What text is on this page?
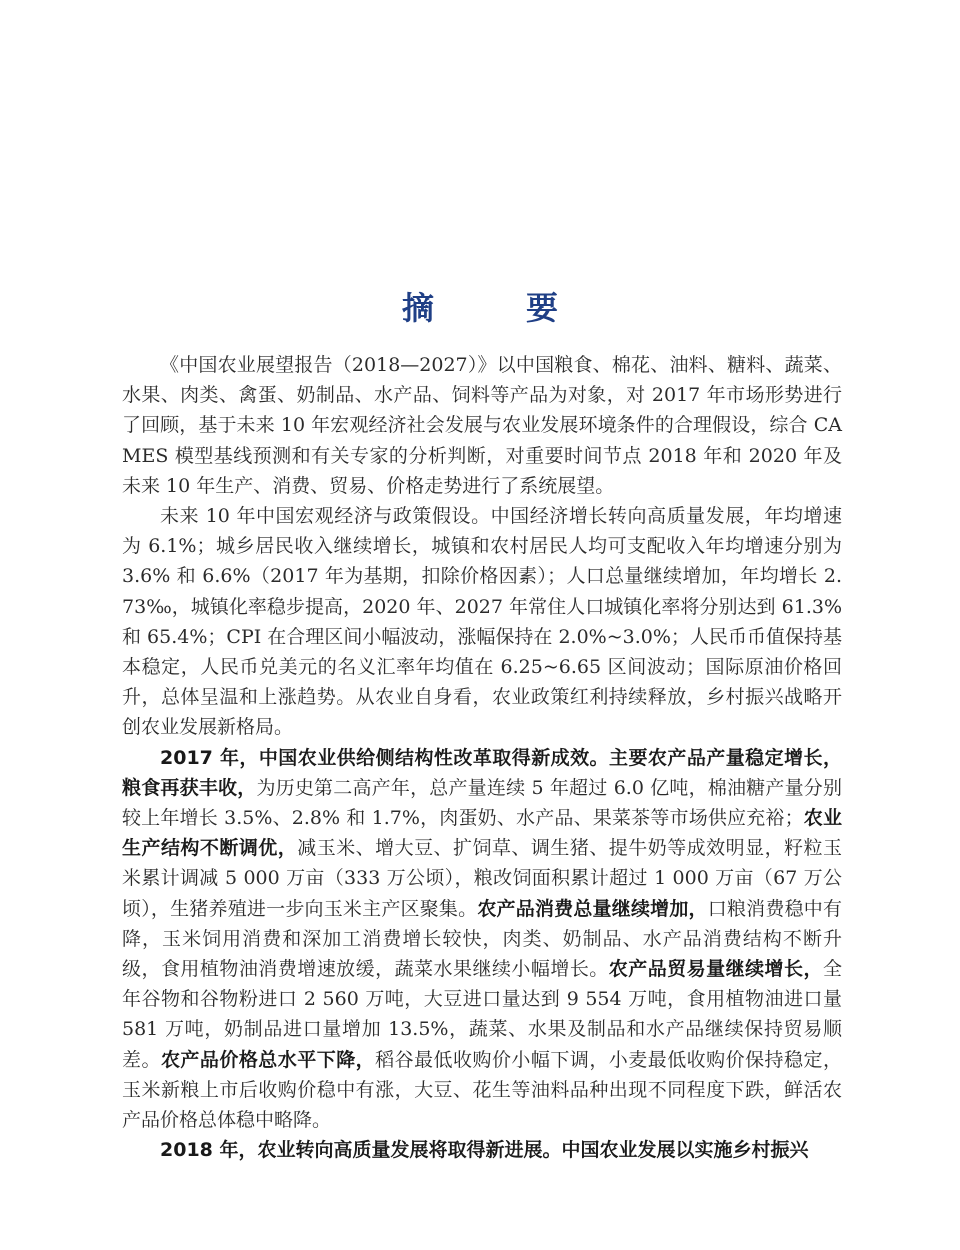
摘	要

《中国农业展望报告（2018—2027）》以中国粮食、棉花、油料、糖料、蔬菜、水果、肉类、禽蛋、奶制品、水产品、饲料等产品为对象，对 2017 年市场形势进行了回顾，基于未来 10 年宏观经济社会发展与农业发展环境条件的合理假设，综合 CAMES 模型基线预测和有关专家的分析判断，对重要时间节点 2018 年和 2020 年及未来 10 年生产、消费、贸易、价格走势进行了系统展望。

未来 10 年中国宏观经济与政策假设。中国经济增长转向高质量发展，年均增速为 6.1%；城乡居民收入继续增长，城镇和农村居民人均可支配收入年均增速分别为 3.6% 和 6.6%（2017 年为基期，扣除价格因素）；人口总量继续增加，年均增长 2.73‰，城镇化率稳步提高，2020 年、2027 年常住人口城镇化率将分别达到 61.3% 和 65.4%；CPI 在合理区间小幅波动，涨幅保持在 2.0%~3.0%；人民币币值保持基本稳定，人民币兑美元的名义汇率年均值在 6.25~6.65 区间波动；国际原油价格回升，总体呈温和上涨趋势。从农业自身看，农业政策红利持续释放，乡村振兴战略开创农业发展新格局。

2017 年，中国农业供给侧结构性改革取得新成效。主要农产品产量稳定增长，粮食再获丰收，为历史第二高产年，总产量连续 5 年超过 6.0 亿吨，棉油糖产量分别较上年增长 3.5%、2.8% 和 1.7%，肉蛋奶、水产品、果菜茶等市场供应充裕；农业生产结构不断调优，减玉米、增大豆、扩饲草、调生猪、提牛奶等成效明显，籽粒玉米累计调减 5 000 万亩（333 万公顷），粮改饲面积累计超过 1 000 万亩（67 万公顷），生猪养殖进一步向玉米主产区聚集。农产品消费总量继续增加，口粮消费稳中有降，玉米饲用消费和深加工消费增长较快，肉类、奶制品、水产品消费结构不断升级，食用植物油消费增速放缓，蔬菜水果继续小幅增长。农产品贸易量继续增长，全年谷物和谷物粉进口 2 560 万吨，大豆进口量达到 9 554 万吨，食用植物油进口量 581 万吨，奶制品进口量增加 13.5%，蔬菜、水果及制品和水产品继续保持贸易顺差。农产品价格总水平下降，稻谷最低收购价小幅下调，小麦最低收购价保持稳定，玉米新粮上市后收购价稳中有涨，大豆、花生等油料品种出现不同程度下跌，鲜活农产品价格总体稳中略降。

2018 年，农业转向高质量发展将取得新进展。中国农业发展以实施乡村振兴
